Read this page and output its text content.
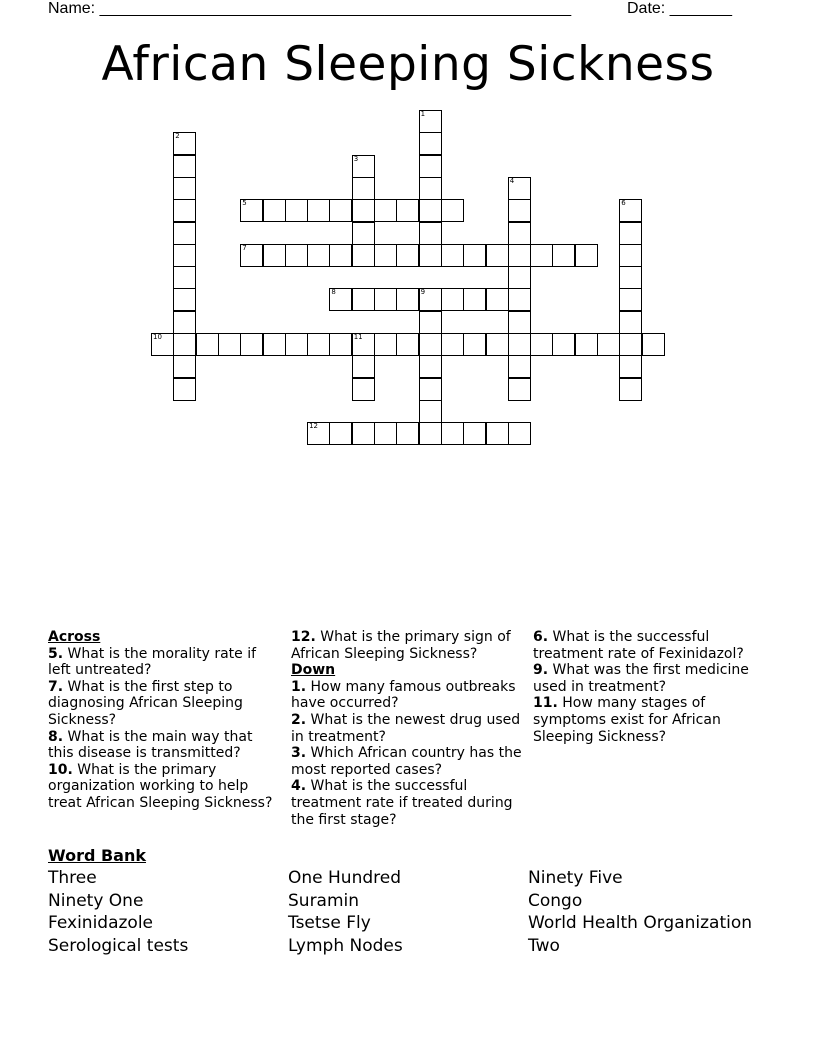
Name: _____________________________________________________	Date: _______
African Sleeping Sickness
1
2
3
4
5	6
7
8	9
10	11
12
Across

5. What is the morality rate if left untreated?

7. What is the first step to diagnosing African Sleeping Sickness?

8. What is the main way that this disease is transmitted?

10. What is the primary organization working to help treat African Sleeping Sickness?

12. What is the primary sign of African Sleeping Sickness?

Down

1. How many famous outbreaks have occurred?

2. What is the newest drug used in treatment?

3. Which African country has the most reported cases?

4. What is the successful treatment rate if treated during the first stage?

6. What is the successful treatment rate of Fexinidazol?

9. What was the first medicine used in treatment?

11. How many stages of symptoms exist for African Sleeping Sickness?

Word Bank
Three	One Hundred	Ninety Five
Ninety One	Suramin	Congo
Fexinidazole	Tsetse Fly	World Health Organization
Serological tests	Lymph Nodes	Two
